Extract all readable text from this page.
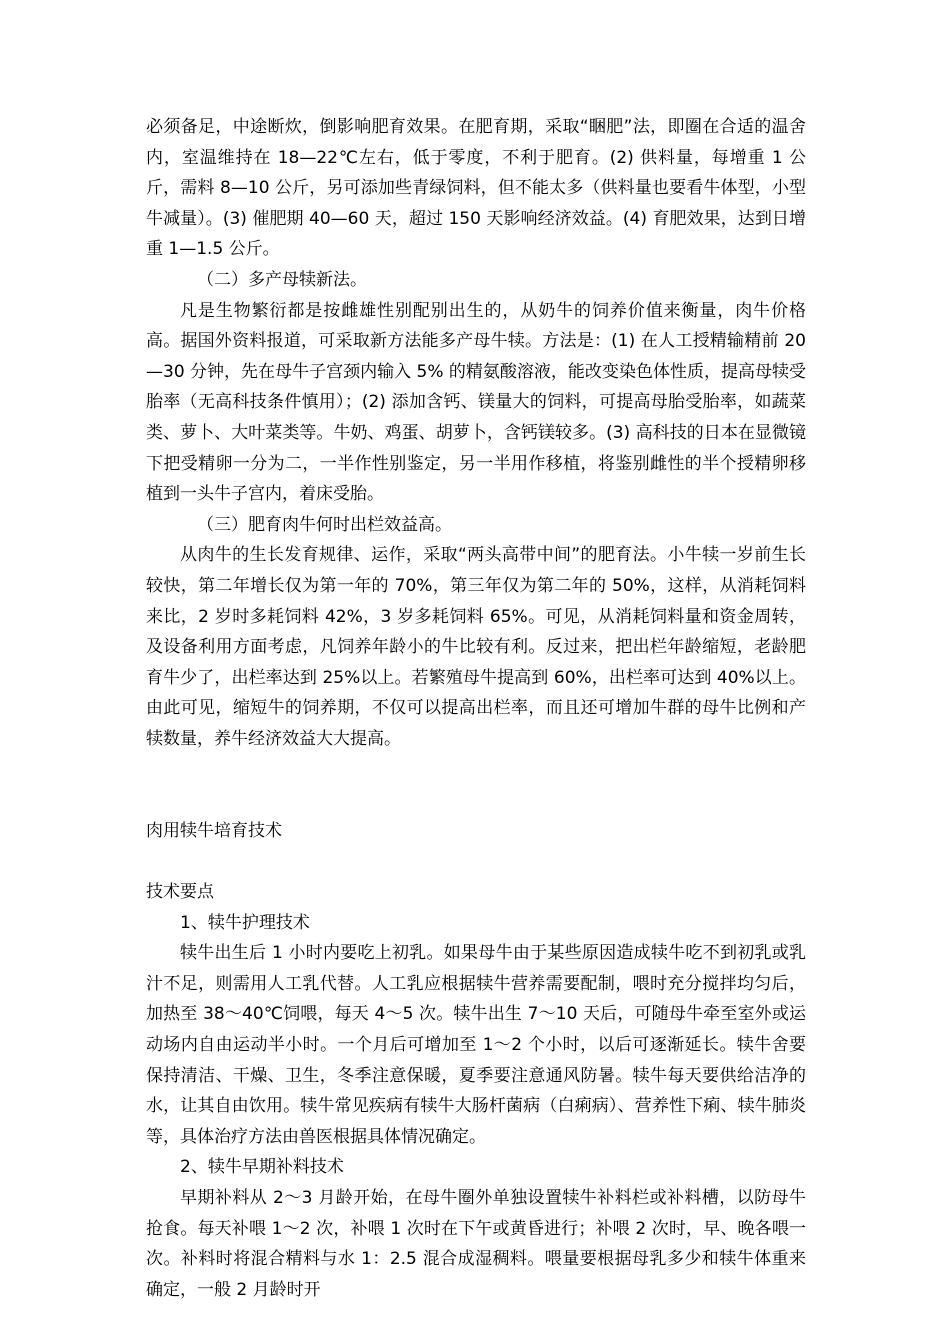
必须备足，中途断炊，倒影响肥育效果。在肥育期，采取“睏肥”法，即圈在合适的温舍内，室温维持在 18—22℃左右，低于零度，不利于肥育。(2) 供料量，每增重 1 公斤，需料 8—10 公斤，另可添加些青绿饲料，但不能太多（供料量也要看牛体型，小型牛减量）。(3) 催肥期 40—60 天，超过 150 天影响经济效益。(4) 育肥效果，达到日增重 1—1.5 公斤。

（二）多产母犊新法。

凡是生物繁衍都是按雌雄性别配别出生的，从奶牛的饲养价值来衡量，肉牛价格高。据国外资料报道，可采取新方法能多产母牛犊。方法是：(1) 在人工授精输精前 20—30 分钟，先在母牛子宫颈内输入 5% 的精氨酸溶液，能改变染色体性质，提高母犊受胎率（无高科技条件慎用）；(2) 添加含钙、镁量大的饲料，可提高母胎受胎率，如蔬菜类、萝卜、大叶菜类等。牛奶、鸡蛋、胡萝卜，含钙镁较多。(3) 高科技的日本在显微镜下把受精卵一分为二，一半作性别鉴定，另一半用作移植，将鉴别雌性的半个授精卵移植到一头牛子宫内，着床受胎。

（三）肥育肉牛何时出栏效益高。

从肉牛的生长发育规律、运作，采取“两头高带中间”的肥育法。小牛犊一岁前生长较快，第二年增长仅为第一年的 70%，第三年仅为第二年的 50%，这样，从消耗饲料来比，2 岁时多耗饲料 42%，3 岁多耗饲料 65%。可见，从消耗饲料量和资金周转，及设备利用方面考虑，凡饲养年龄小的牛比较有利。反过来，把出栏年龄缩短，老龄肥育牛少了，出栏率达到 25%以上。若繁殖母牛提高到 60%，出栏率可达到 40%以上。由此可见，缩短牛的饲养期，不仅可以提高出栏率，而且还可增加牛群的母牛比例和产犊数量，养牛经济效益大大提高。

肉用犊牛培育技术

技术要点

1、犊牛护理技术

犊牛出生后 1 小时内要吃上初乳。如果母牛由于某些原因造成犊牛吃不到初乳或乳汁不足，则需用人工乳代替。人工乳应根据犊牛营养需要配制，喂时充分搅拌均匀后，加热至 38～40℃饲喂，每天 4～5 次。犊牛出生 7～10 天后，可随母牛牵至室外或运动场内自由运动半小时。一个月后可增加至 1～2 个小时，以后可逐渐延长。犊牛舍要保持清洁、干燥、卫生，冬季注意保暖，夏季要注意通风防暑。犊牛每天要供给洁净的水，让其自由饮用。犊牛常见疾病有犊牛大肠杆菌病（白痢病）、营养性下痢、犊牛肺炎等，具体治疗方法由兽医根据具体情况确定。

2、犊牛早期补料技术

早期补料从 2～3 月龄开始，在母牛圈外单独设置犊牛补料栏或补料槽，以防母牛抢食。每天补喂 1～2 次，补喂 1 次时在下午或黄昏进行；补喂 2 次时，早、晚各喂一次。补料时将混合精料与水 1：2.5 混合成湿稠料。喂量要根据母乳多少和犊牛体重来确定，一般 2 月龄时开
